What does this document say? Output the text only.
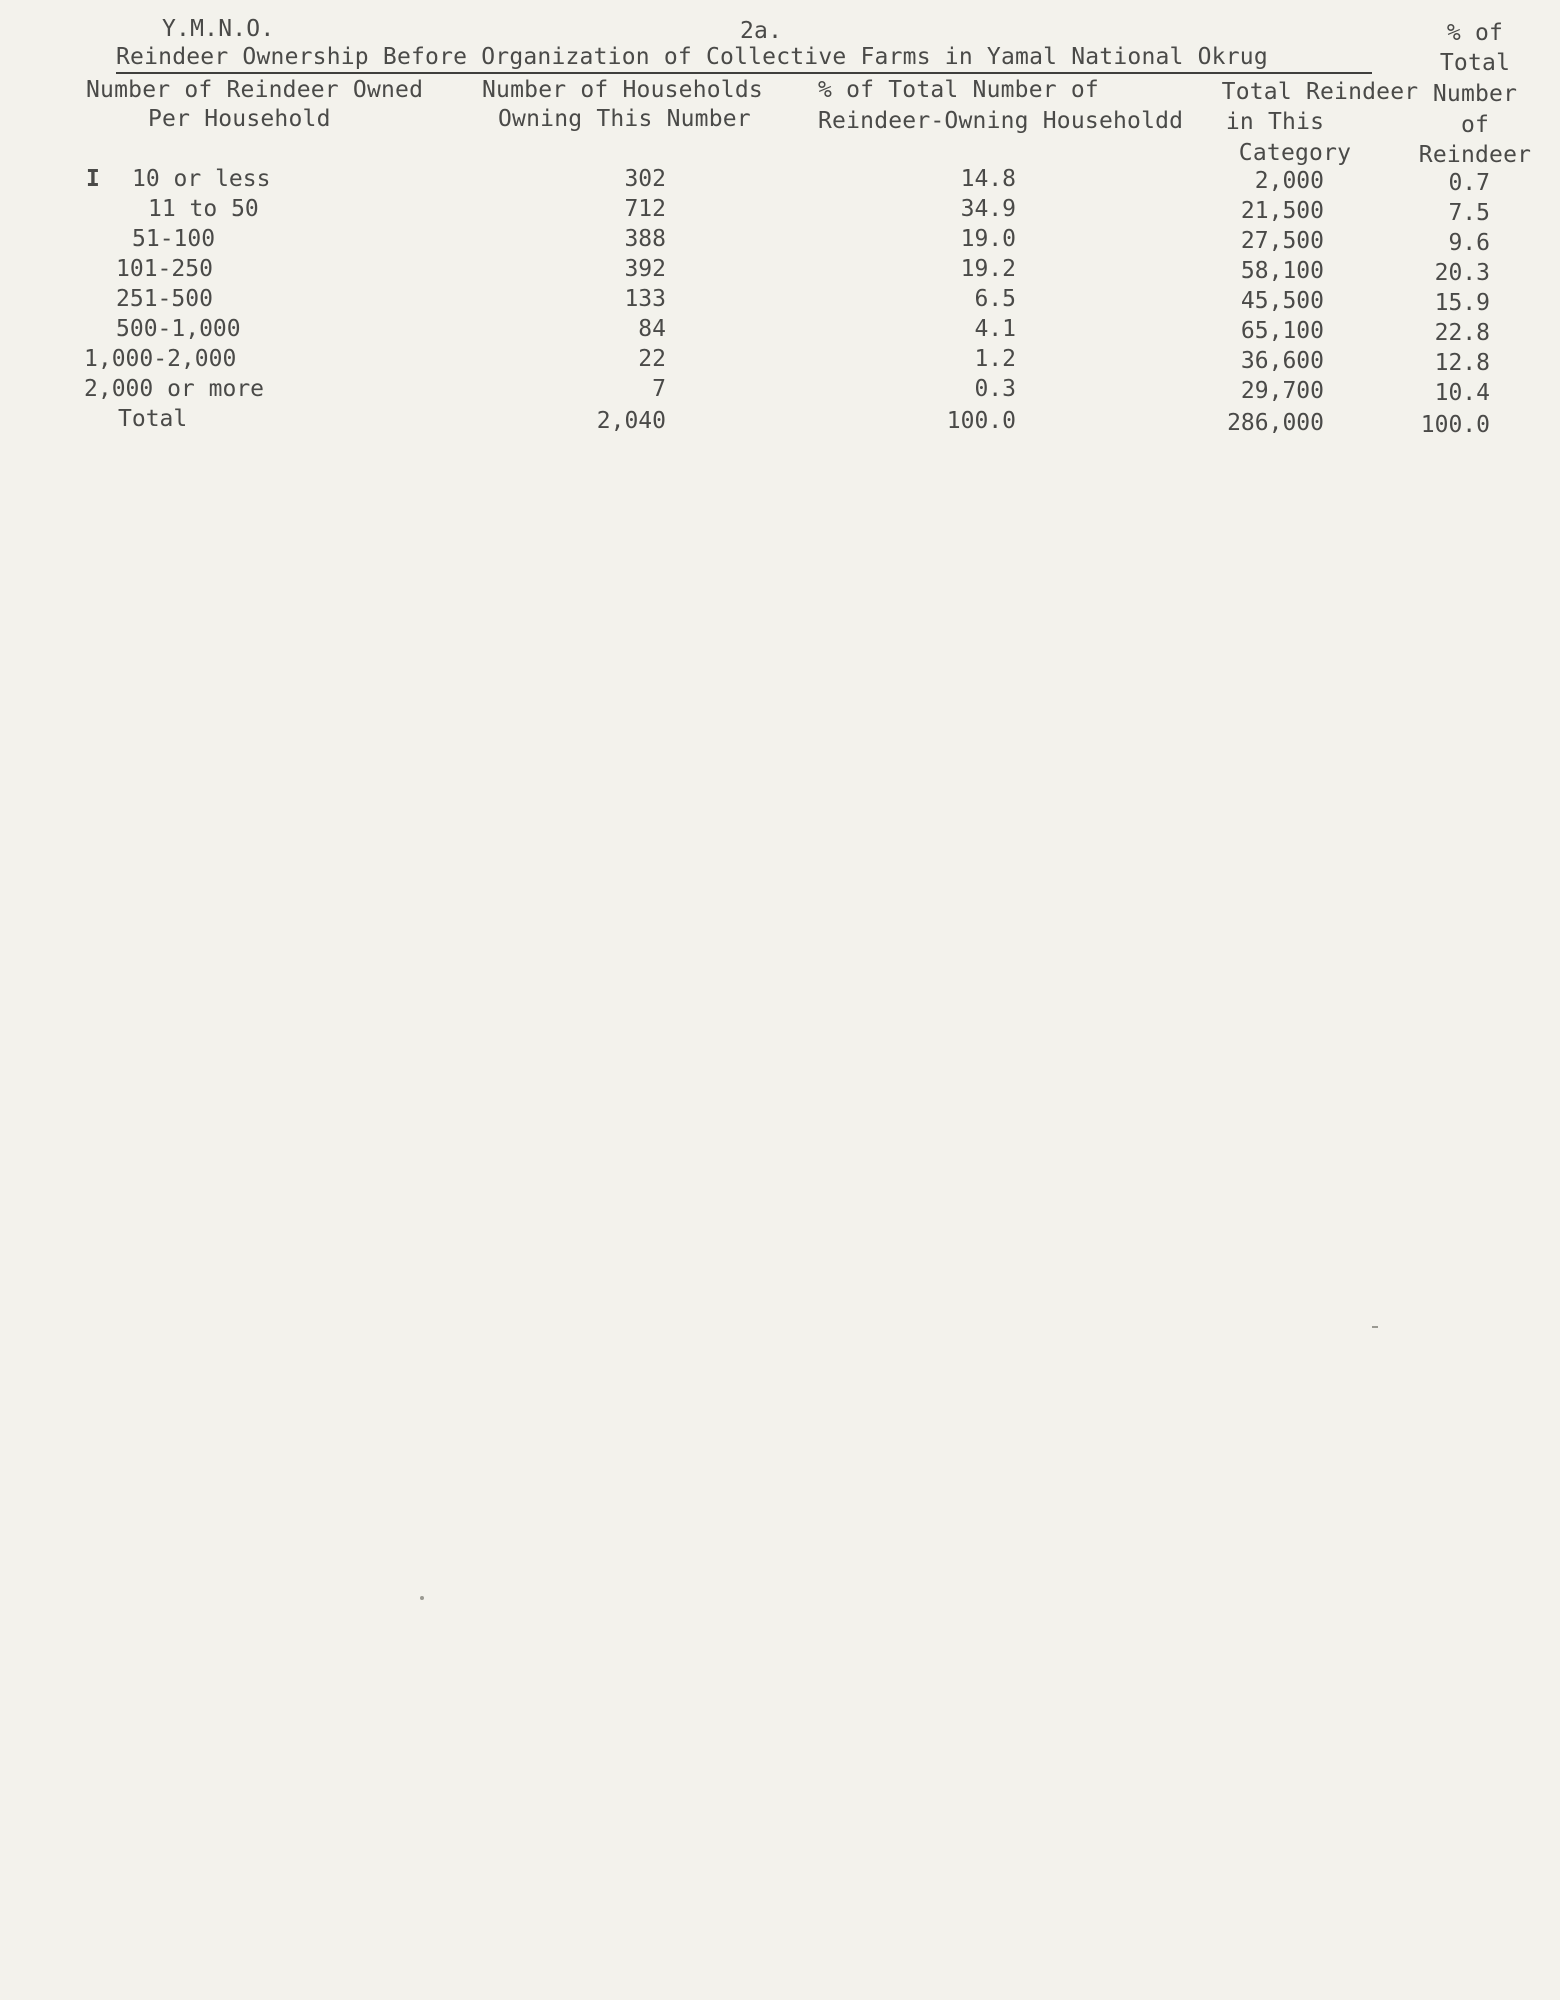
Y.M.N.O.	2a.
Reindeer Ownership Before Organization of Collective Farms in Yamal National Okrug
% of
Total
Number
of
Reindeer
Number of Reindeer Owned
Per Household
Number of Households
Owning This Number
% of Total Number of
Reindeer-Owning Householdd
Total Reindeer
in This
Category
I 10 or less	302	14.8	2,000	0.7
11 to 50	712	34.9	21,500	7.5
51-100	388	19.0	27,500	9.6
101-250	392	19.2	58,100	20.3
251-500	133	6.5	45,500	15.9
500-1,000	84	4.1	65,100	22.8
1,000-2,000	22	1.2	36,600	12.8
2,000 or more	7	0.3	29,700	10.4
Total	2,040	100.0	286,000	100.0
